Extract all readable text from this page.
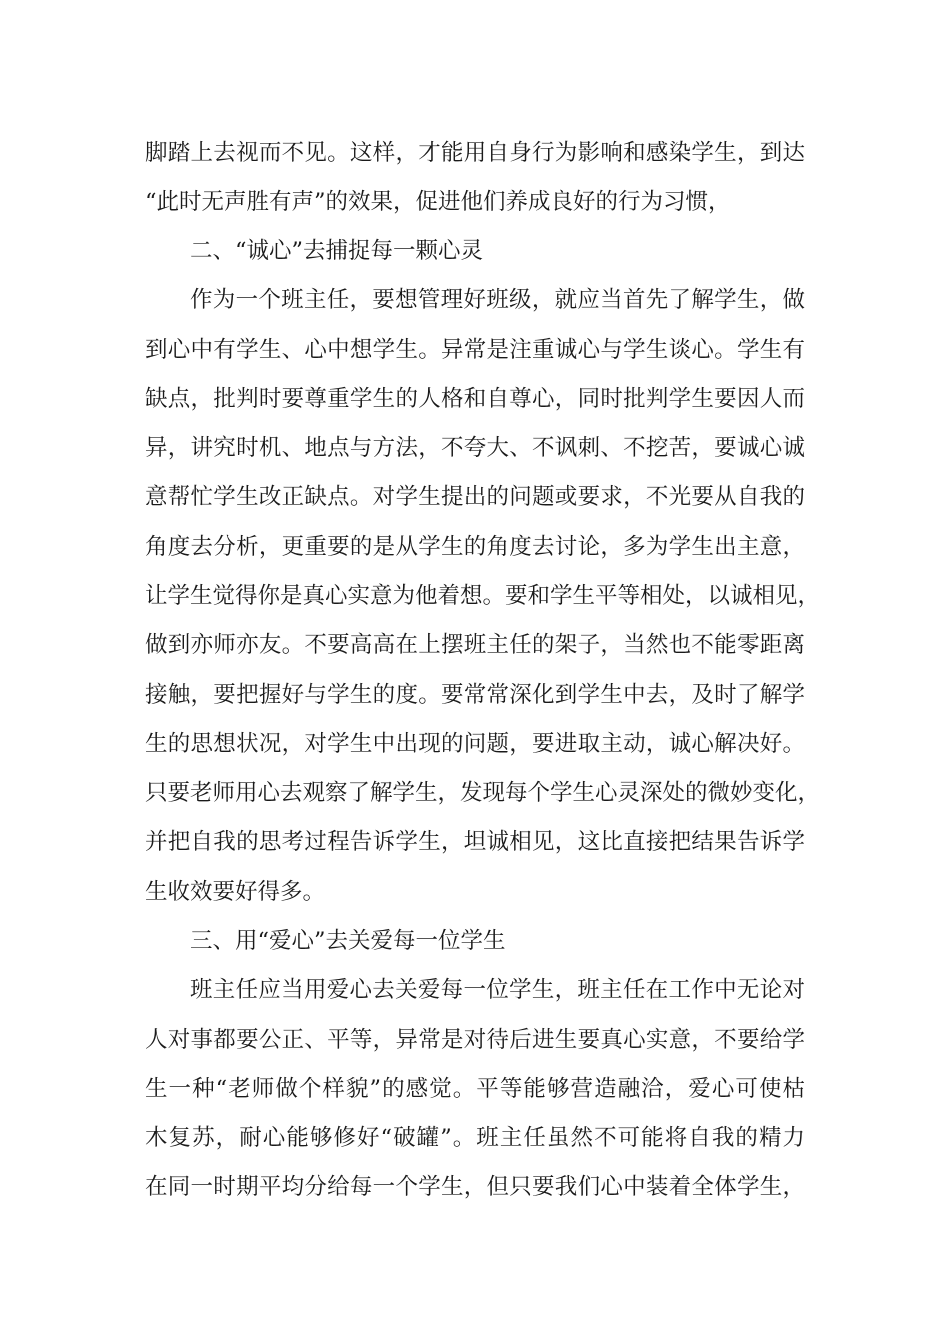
脚踏上去视而不见。这样，才能用自身行为影响和感染学生，到达
“此时无声胜有声”的效果，促进他们养成良好的行为习惯，
二、“诚心”去捕捉每一颗心灵
作为一个班主任，要想管理好班级，就应当首先了解学生，做
到心中有学生、心中想学生。异常是注重诚心与学生谈心。学生有
缺点，批判时要尊重学生的人格和自尊心，同时批判学生要因人而
异，讲究时机、地点与方法，不夸大、不讽刺、不挖苦，要诚心诚
意帮忙学生改正缺点。对学生提出的问题或要求，不光要从自我的
角度去分析，更重要的是从学生的角度去讨论，多为学生出主意，
让学生觉得你是真心实意为他着想。要和学生平等相处，以诚相见，
做到亦师亦友。不要高高在上摆班主任的架子，当然也不能零距离
接触，要把握好与学生的度。要常常深化到学生中去，及时了解学
生的思想状况，对学生中出现的问题，要进取主动，诚心解决好。
只要老师用心去观察了解学生，发现每个学生心灵深处的微妙变化，
并把自我的思考过程告诉学生，坦诚相见，这比直接把结果告诉学
生收效要好得多。
三、用“爱心”去关爱每一位学生
班主任应当用爱心去关爱每一位学生，班主任在工作中无论对
人对事都要公正、平等，异常是对待后进生要真心实意，不要给学
生一种“老师做个样貌”的感觉。平等能够营造融洽，爱心可使枯
木复苏，耐心能够修好“破罐”。班主任虽然不可能将自我的精力
在同一时期平均分给每一个学生，但只要我们心中装着全体学生，
